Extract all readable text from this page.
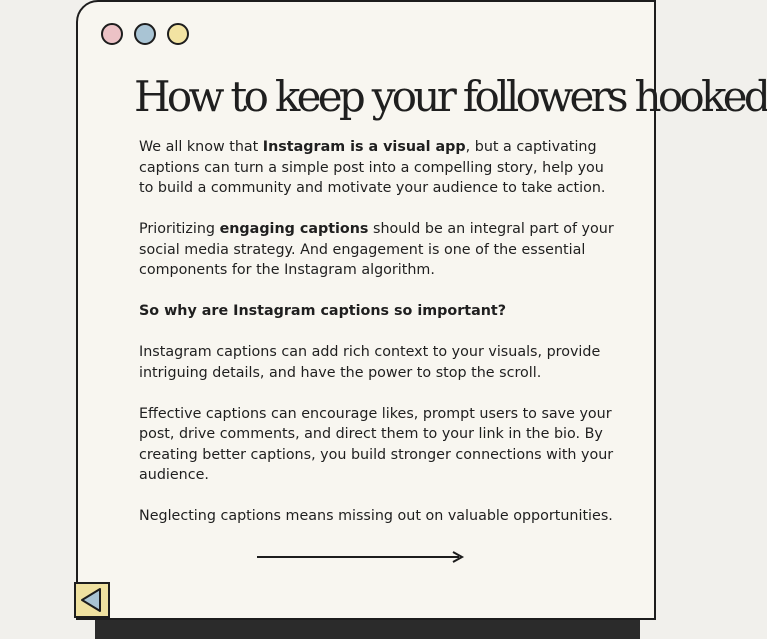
How to keep your followers hooked

We all know that Instagram is a visual app, but a captivating captions can turn a simple post into a compelling story, help you to build a community and motivate your audience to take action.

Prioritizing engaging captions should be an integral part of your social media strategy. And engagement is one of the essential components for the Instagram algorithm.

So why are Instagram captions so important?

Instagram captions can add rich context to your visuals, provide intriguing details, and have the power to stop the scroll.

Effective captions can encourage likes, prompt users to save your post, drive comments, and direct them to your link in the bio. By creating better captions, you build stronger connections with your audience.

Neglecting captions means missing out on valuable opportunities.
